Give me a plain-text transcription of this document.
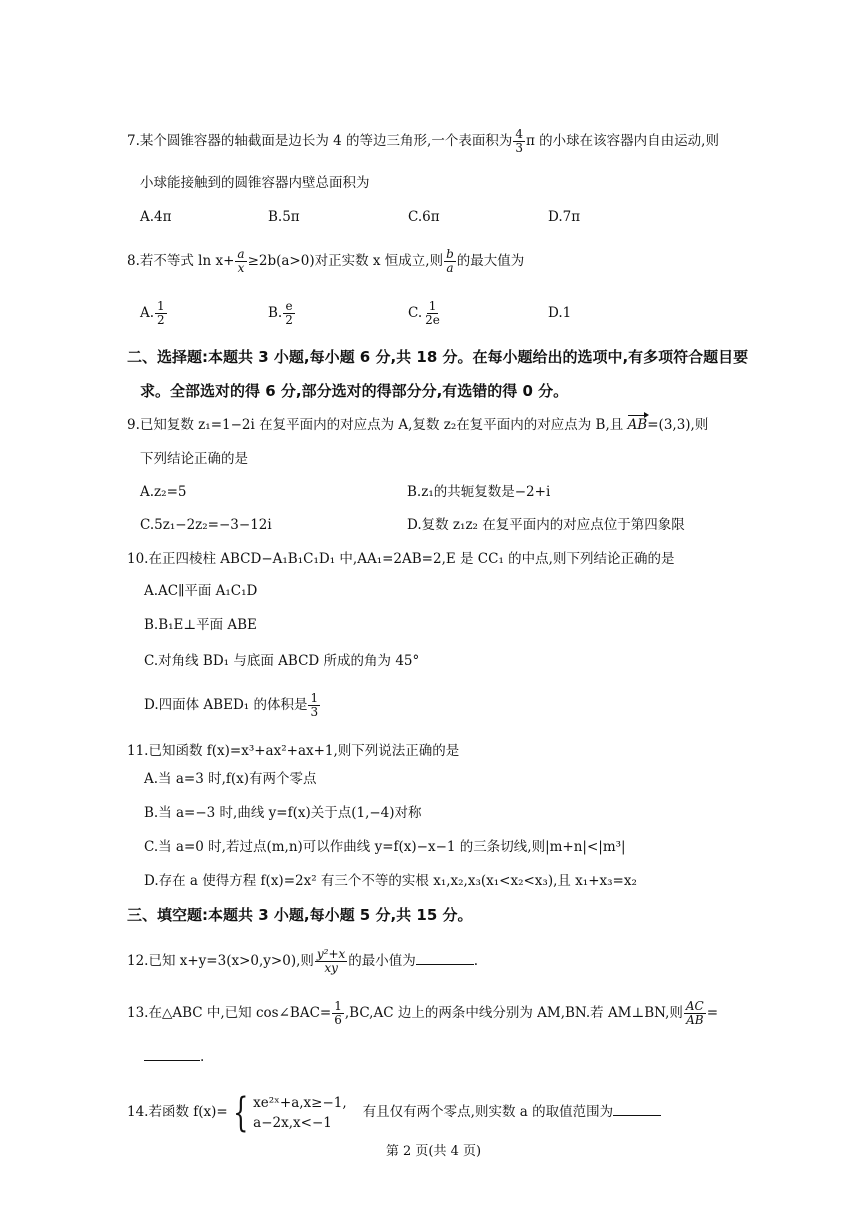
7.某个圆锥容器的轴截面是边长为 4 的等边三角形,一个表面积为 $\frac{4}{3}$ π 的小球在该容器内自由运动,则
小球能接触到的圆锥容器内壁总面积为
A.4π	B.5π	C.6π	D.7π
8.若不等式 $\ln x+ \frac{a}{x} \ge 2b(a>0)$对正实数 x 恒成立,则 $\frac{b}{a}$ 的最大值为
A. $\frac{1}{2}$	B. $\frac{e}{2}$	C. $\frac{1}{2e}$	D.1
二、选择题:本题共 3 小题,每小题 6 分,共 18 分。在每小题给出的选项中,有多项符合题目要
求。全部选对的得 6 分,部分选对的得部分分,有选错的得 0 分。
9.已知复数 z₁=1−2i 在复平面内的对应点为 A,复数 z₂在复平面内的对应点为 B,且 AB=(3,3),则
下列结论正确的是
A.z₂=5	B.z₁的共轭复数是−2+i
C.5z₁−2z₂=−3−12i	D.复数 z₁z₂ 在复平面内的对应点位于第四象限
10.在正四棱柱 ABCD−A₁B₁C₁D₁ 中,AA₁=2AB=2,E 是 CC₁ 的中点,则下列结论正确的是
A.AC∥平面 A₁C₁D
B.B₁E⊥平面 ABE
C.对角线 BD₁ 与底面 ABCD 所成的角为 45°
D.四面体 ABED₁ 的体积是 $\frac{1}{3}$
11.已知函数 f(x)=x³+ax²+ax+1,则下列说法正确的是
A.当 a=3 时,f(x)有两个零点
B.当 a=−3 时,曲线 y=f(x)关于点(1,−4)对称
C.当 a=0 时,若过点(m,n)可以作曲线 y=f(x)−x−1 的三条切线,则|m+n|<|m³|
D.存在 a 使得方程 f(x)=2x² 有三个不等的实根 x₁,x₂,x₃(x₁<x₂<x₃),且 x₁+x₃=x₂
三、填空题:本题共 3 小题,每小题 5 分,共 15 分。
12.已知 x+y=3(x>0,y>0),则 $\frac{\text{y²+x}}{xy}$ 的最小值为	.
13.在△ABC 中,已知 cos∠BAC= $\frac{1}{6} ,BC,AC$ 边上的两条中线分别为 AM,BN.若 AM⊥BN,则 $\frac{AC}{AB}$ =
.
14.若函数 f(x)= { xe²ˣ+a,x≥−1,
a−2x,x<−1
有且仅有两个零点,则实数 a 的取值范围为
第 2 页(共 4 页)
